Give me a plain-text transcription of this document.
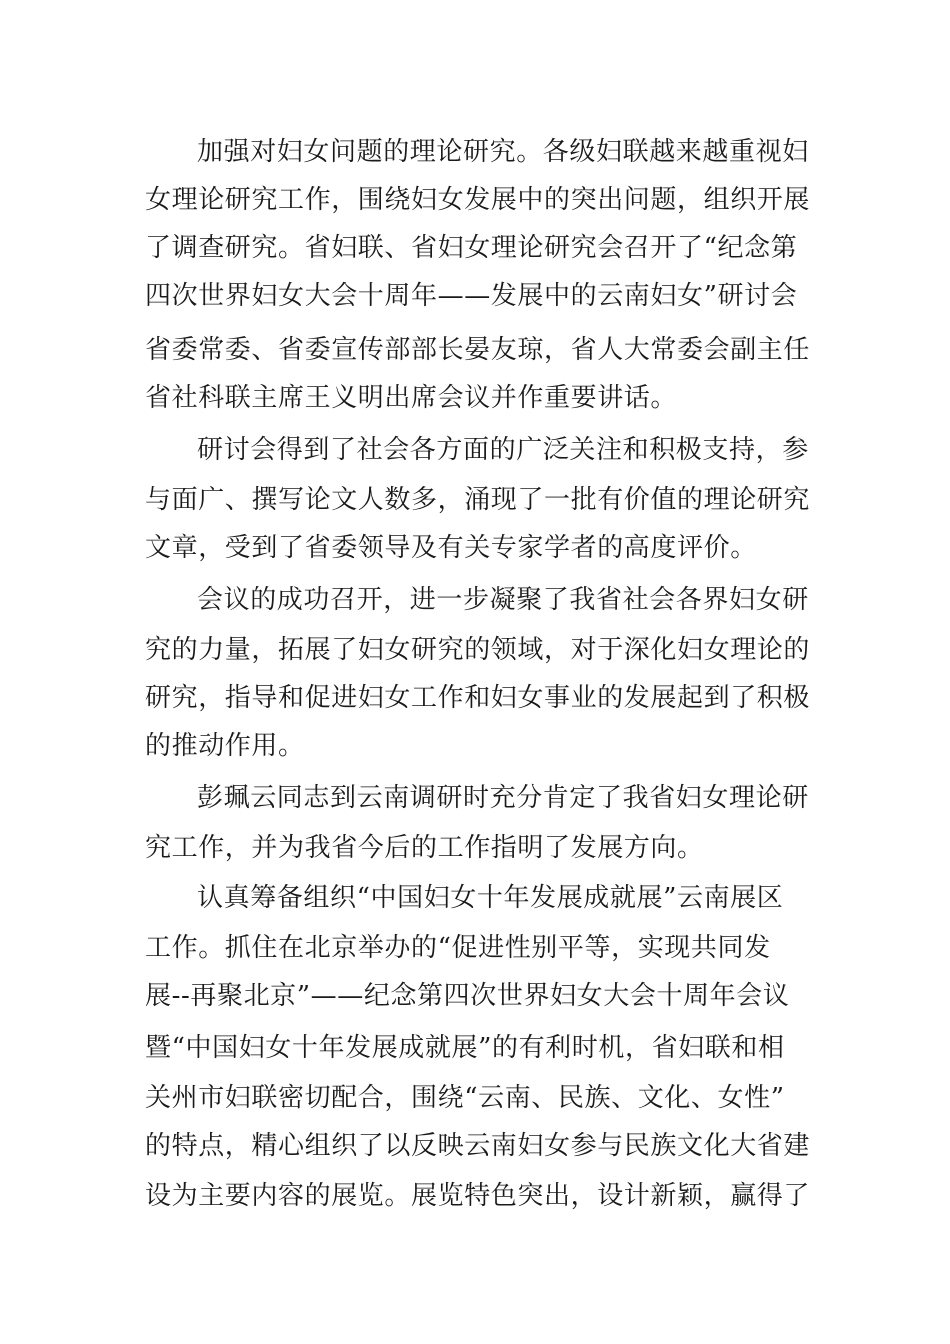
加强对妇女问题的理论研究。各级妇联越来越重视妇
女理论研究工作，围绕妇女发展中的突出问题，组织开展
了调查研究。省妇联、省妇女理论研究会召开了“纪念第
四次世界妇女大会十周年——发展中的云南妇女”研讨会
省委常委、省委宣传部部长晏友琼，省人大常委会副主任
省社科联主席王义明出席会议并作重要讲话。
研讨会得到了社会各方面的广泛关注和积极支持，参
与面广、撰写论文人数多，涌现了一批有价值的理论研究
文章，受到了省委领导及有关专家学者的高度评价。
会议的成功召开，进一步凝聚了我省社会各界妇女研
究的力量，拓展了妇女研究的领域，对于深化妇女理论的
研究，指导和促进妇女工作和妇女事业的发展起到了积极
的推动作用。
彭珮云同志到云南调研时充分肯定了我省妇女理论研
究工作，并为我省今后的工作指明了发展方向。
认真筹备组织“中国妇女十年发展成就展”云南展区
工作。抓住在北京举办的“促进性别平等，实现共同发
展--再聚北京”——纪念第四次世界妇女大会十周年会议
暨“中国妇女十年发展成就展”的有利时机，省妇联和相
关州市妇联密切配合，围绕“云南、民族、文化、女性”
的特点，精心组织了以反映云南妇女参与民族文化大省建
设为主要内容的展览。展览特色突出，设计新颖，赢得了
